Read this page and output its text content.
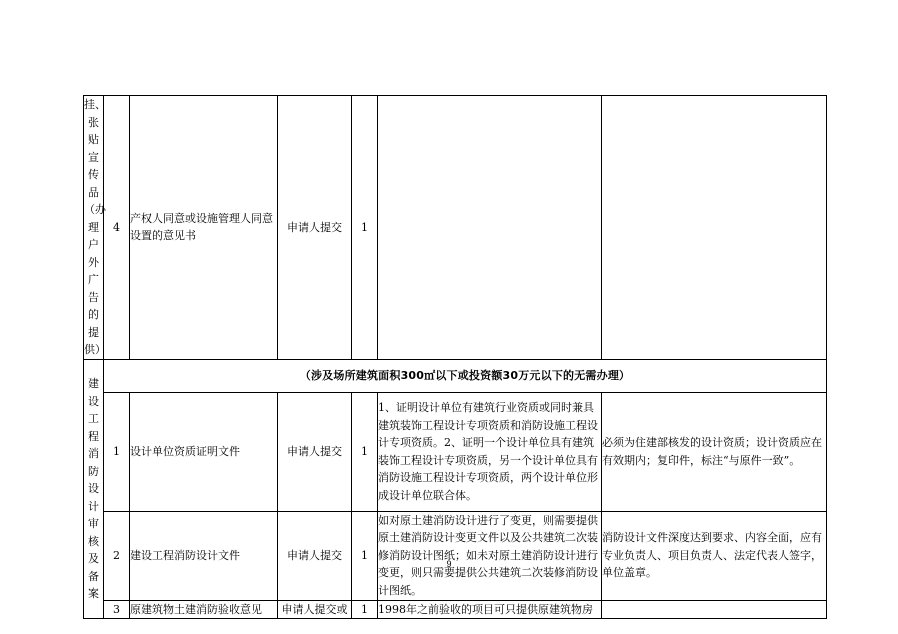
挂、张贴宣传品（办理户外广告的提供）	4	产权人同意或设施管理人同意设置的意见书	申请人提交	1		
建设工程消防设计审核及备案	（涉及场所建筑面积300㎡以下或投资额30万元以下的无需办理）					
	1	设计单位资质证明文件	申请人提交	1	1、证明设计单位有建筑行业资质或同时兼具建筑装饰工程设计专项资质和消防设施工程设计专项资质。2、证明一个设计单位具有建筑装饰工程设计专项资质，另一个设计单位具有消防设施工程设计专项资质，两个设计单位形成设计单位联合体。	必须为住建部核发的设计资质；设计资质应在有效期内；复印件，标注“与原件一致”。
	2	建设工程消防设计文件	申请人提交	1	如对原土建消防设计进行了变更，则需要提供原土建消防设计变更文件以及公共建筑二次装修消防设计图纸；如未对原土建消防设计进行变更，则只需要提供公共建筑二次装修消防设计图纸。	消防设计文件深度达到要求、内容全面，应有专业负责人、项目负责人、法定代表人签字，单位盖章。
	3	原建筑物土建消防验收意见	申请人提交或	1	1998年之前验收的项目可只提供原建筑物房	
9
